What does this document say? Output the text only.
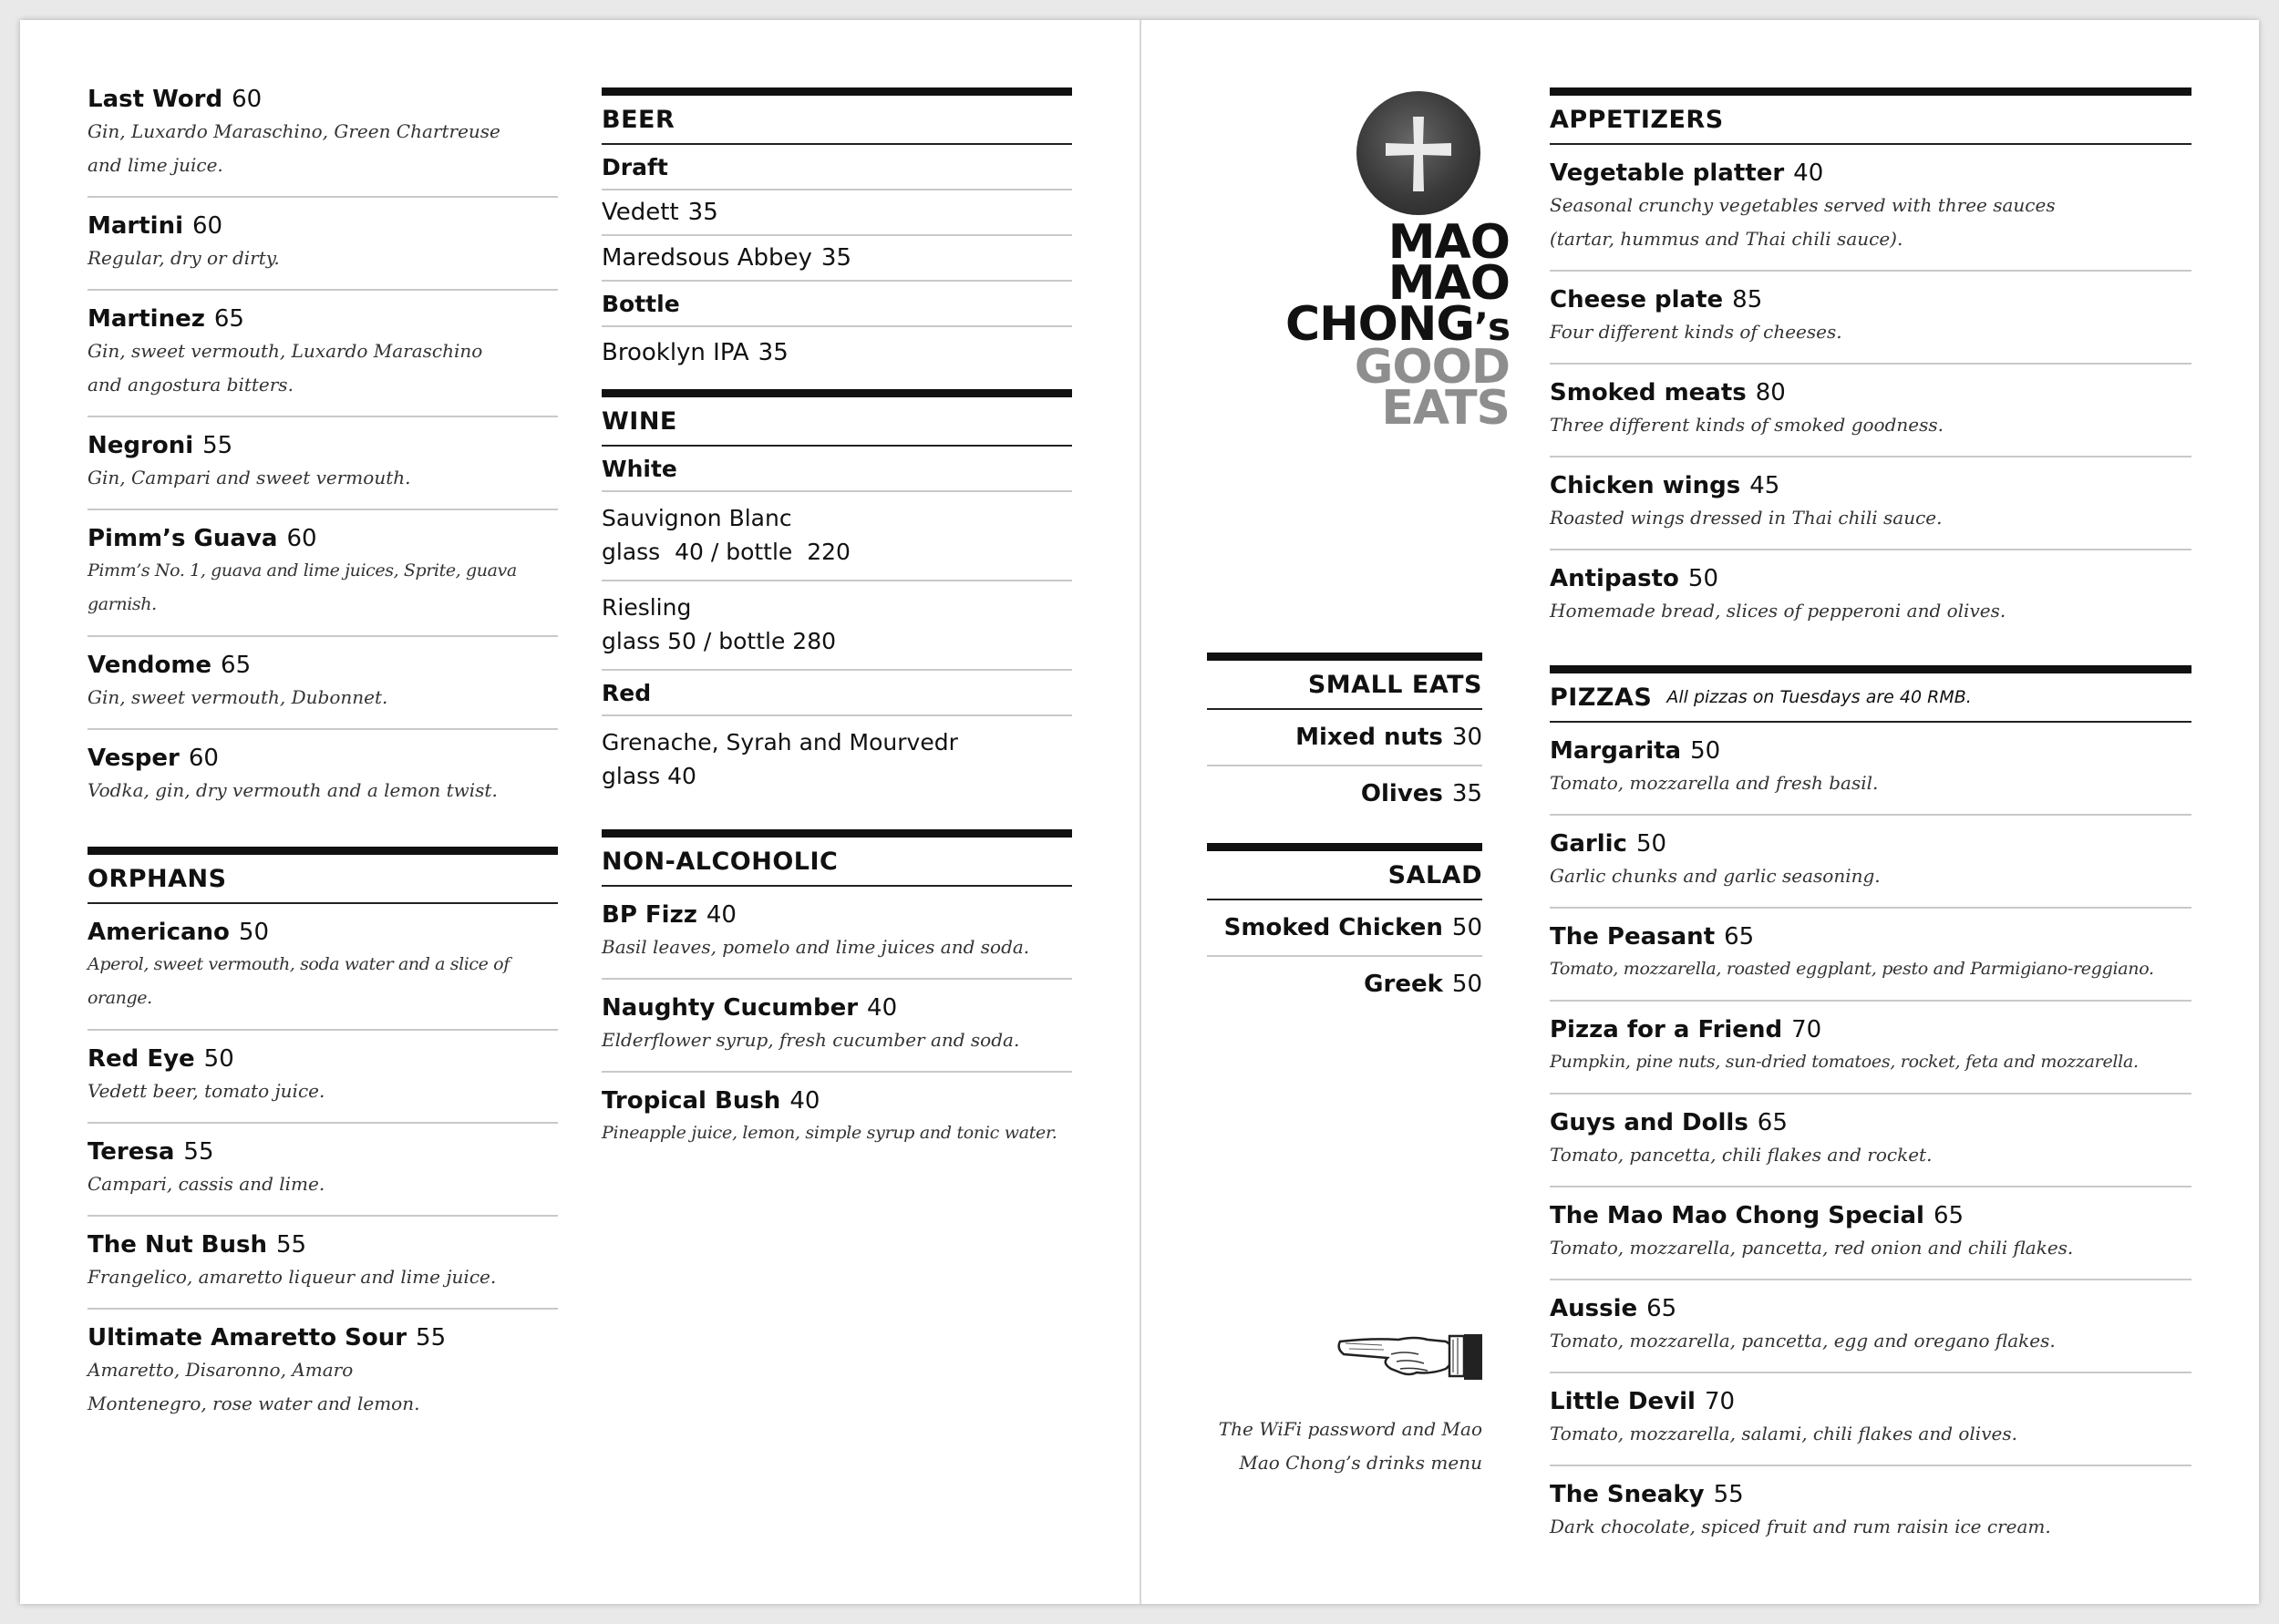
Last Word 60
Gin, Luxardo Maraschino, Green Chartreuse
and lime juice.
Martini 60
Regular, dry or dirty.
Martinez 65
Gin, sweet vermouth, Luxardo Maraschino
and angostura bitters.
Negroni 55
Gin, Campari and sweet vermouth.
Pimm’s Guava 60
Pimm’s No. 1, guava and lime juices, Sprite, guava garnish.
Vendome 65
Gin, sweet vermouth, Dubonnet.
Vesper 60
Vodka, gin, dry vermouth and a lemon twist.
ORPHANS
Americano 50
Aperol, sweet vermouth, soda water and a slice of orange.
Red Eye 50
Vedett beer, tomato juice.
Teresa 55
Campari, cassis and lime.
The Nut Bush 55
Frangelico, amaretto liqueur and lime juice.
Ultimate Amaretto Sour 55
Amaretto, Disaronno, Amaro
Montenegro, rose water and lemon.
BEER
Draft
Vedett 35
Maredsous Abbey 35
Bottle
Brooklyn IPA 35
WINE
White
Sauvignon Blanc
glass  40 / bottle  220
Riesling
glass 50 / bottle 280
Red
Grenache, Syrah and Mourvedr
glass 40
NON-ALCOHOLIC
BP Fizz 40
Basil leaves, pomelo and lime juices and soda.
Naughty Cucumber 40
Elderflower syrup, fresh cucumber and soda.
Tropical Bush 40
Pineapple juice, lemon, simple syrup and tonic water.
MAO
MAO
CHONG’s
GOOD
EATS
SMALL EATS
Mixed nuts 30
Olives 35
SALAD
Smoked Chicken 50
Greek 50
The WiFi password and Mao Mao Chong’s drinks menu
APPETIZERS
Vegetable platter 40
Seasonal crunchy vegetables served with three sauces
(tartar, hummus and Thai chili sauce).
Cheese plate 85
Four different kinds of cheeses.
Smoked meats 80
Three different kinds of smoked goodness.
Chicken wings 45
Roasted wings dressed in Thai chili sauce.
Antipasto 50
Homemade bread, slices of pepperoni and olives.
PIZZAS All pizzas on Tuesdays are 40 RMB.
Margarita 50
Tomato, mozzarella and fresh basil.
Garlic 50
Garlic chunks and garlic seasoning.
The Peasant 65
Tomato, mozzarella, roasted eggplant, pesto and Parmigiano-reggiano.
Pizza for a Friend 70
Pumpkin, pine nuts, sun-dried tomatoes, rocket, feta and mozzarella.
Guys and Dolls 65
Tomato, pancetta, chili flakes and rocket.
The Mao Mao Chong Special 65
Tomato, mozzarella, pancetta, red onion and chili flakes.
Aussie 65
Tomato, mozzarella, pancetta, egg and oregano flakes.
Little Devil 70
Tomato, mozzarella, salami, chili flakes and olives.
The Sneaky 55
Dark chocolate, spiced fruit and rum raisin ice cream.
